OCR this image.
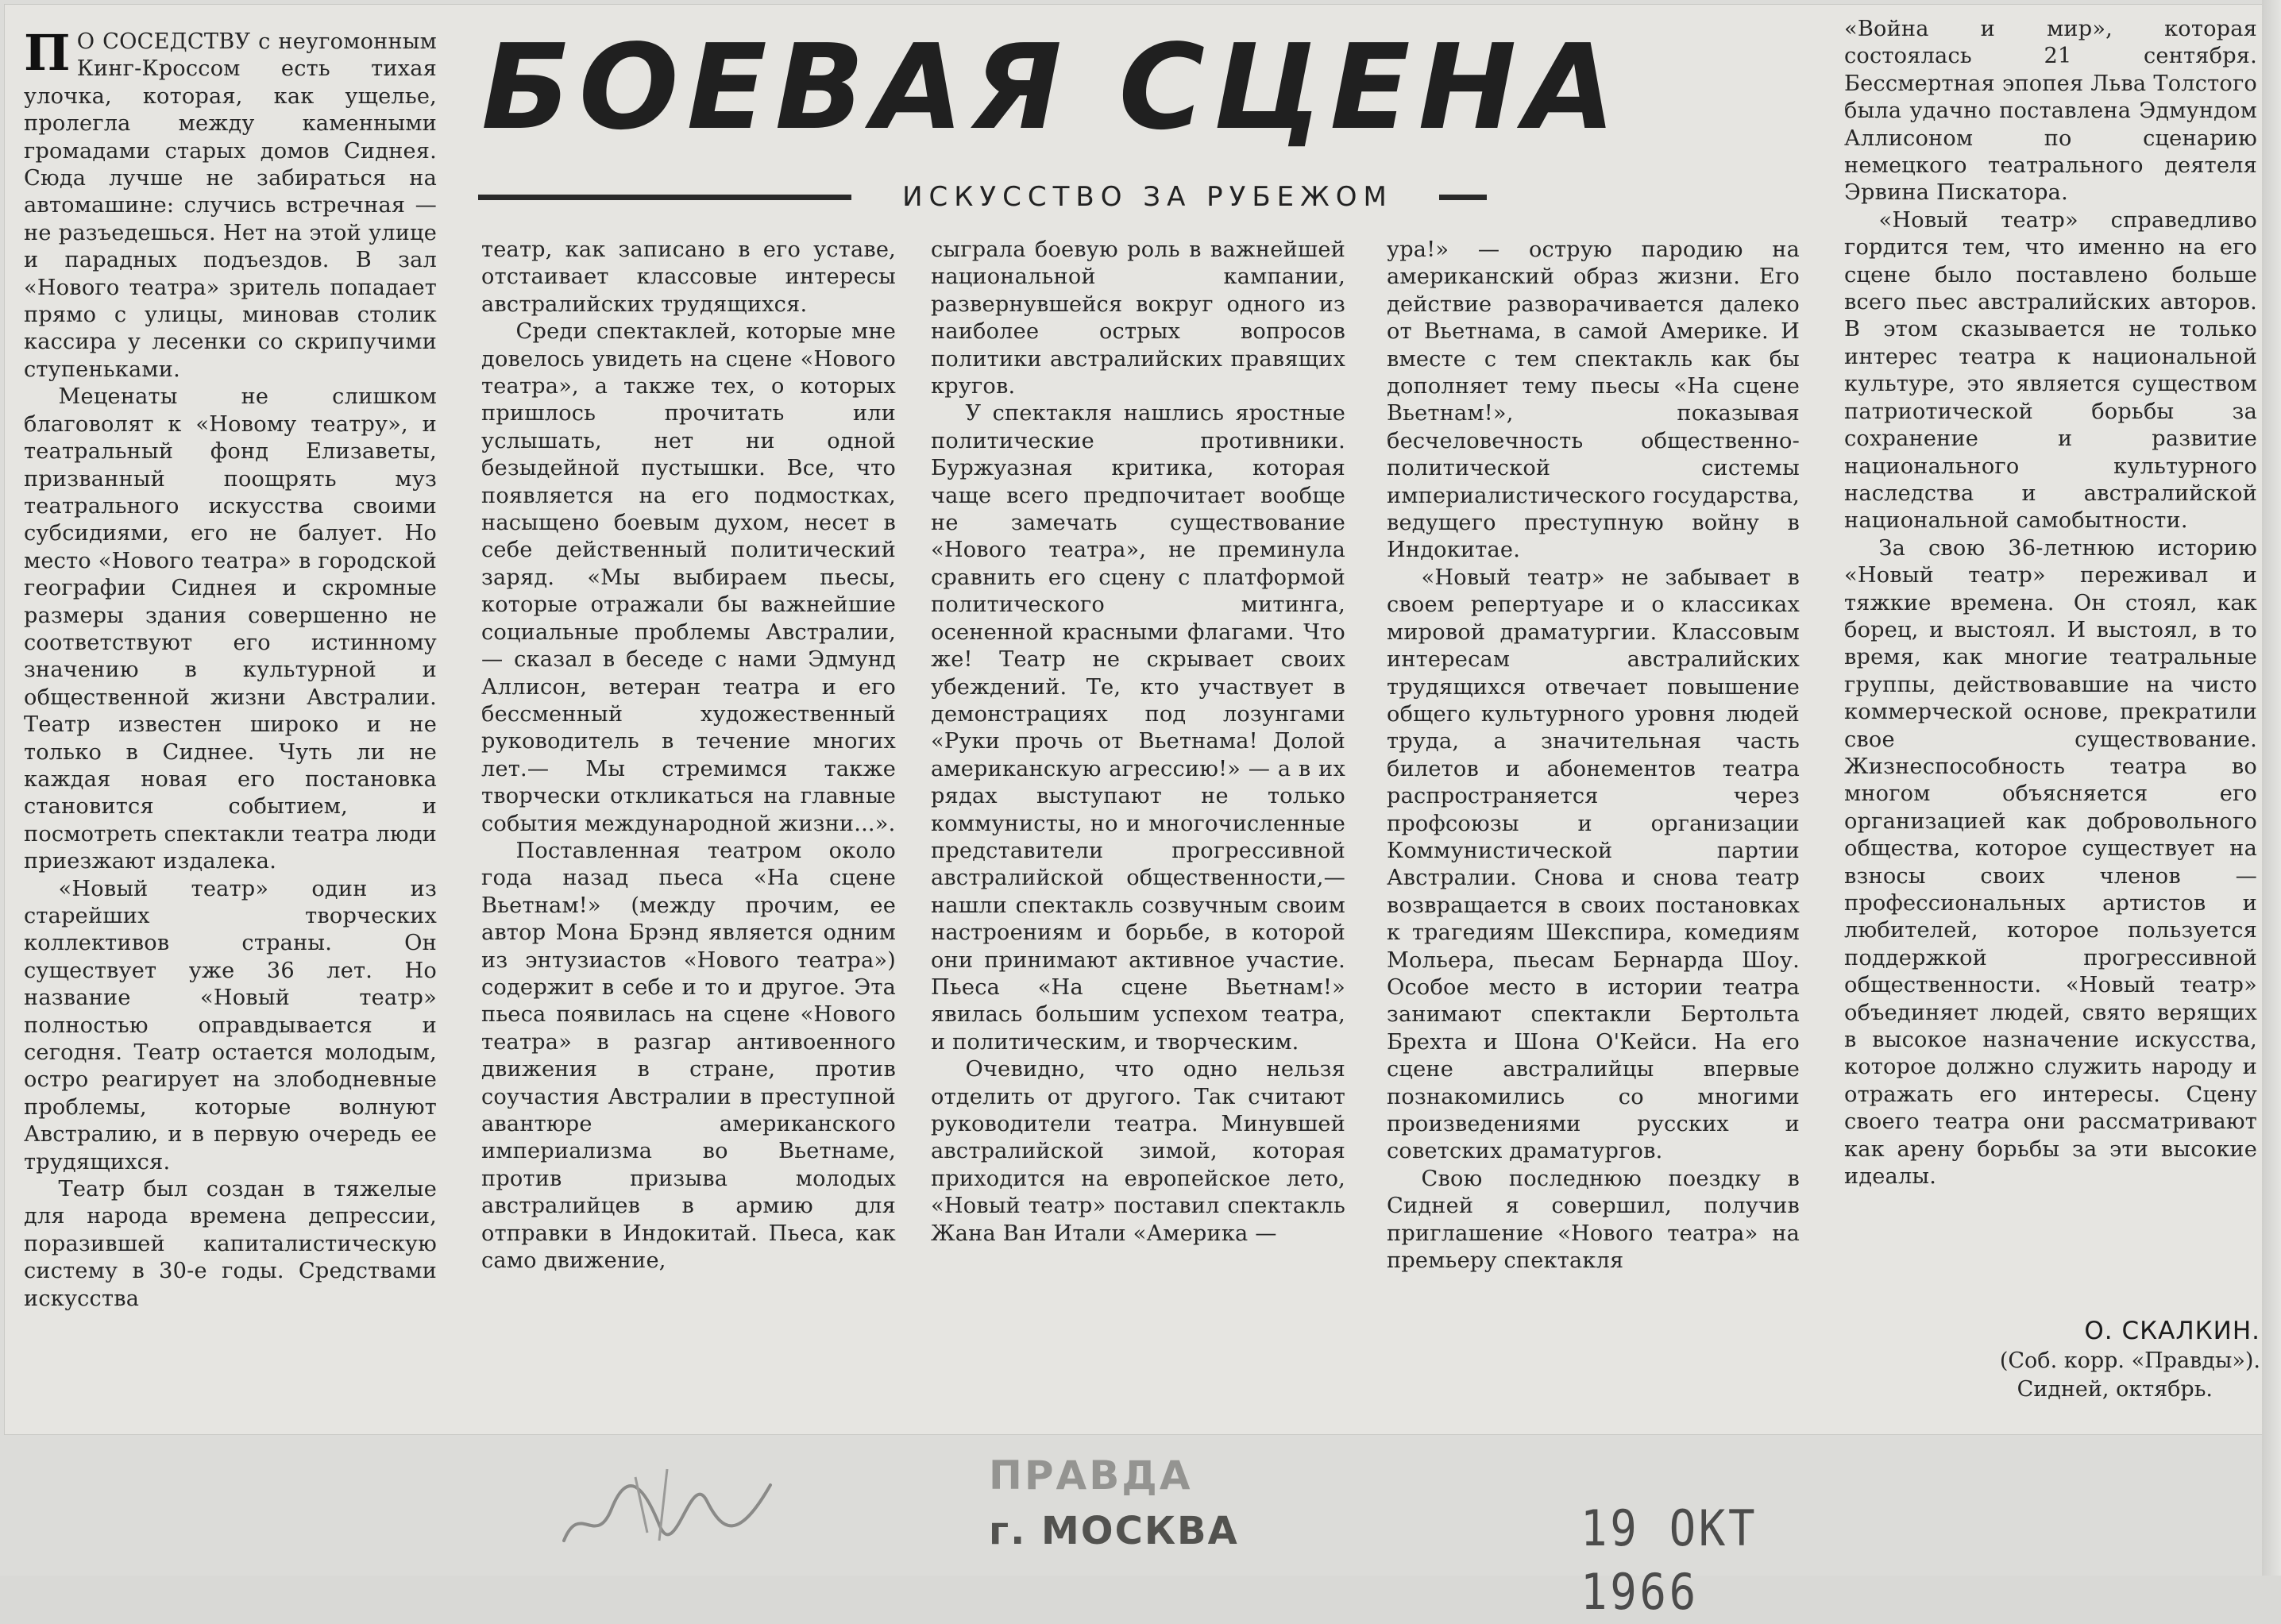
БОЕВАЯ СЦЕНА
ИСКУССТВО ЗА РУБЕЖОМ

П О СОСЕДСТВУ с неугомонным Кинг-Кроссом есть тихая улочка, которая, как ущелье, пролегла между каменными громадами старых домов Сиднея. Сюда лучше не забираться на автомашине: случись встречная — не разъедешься. Нет на этой улице и парадных подъездов. В зал «Нового театра» зритель попадает прямо с улицы, миновав столик кассира у лесенки со скрипучими ступеньками.

Меценаты не слишком благоволят к «Новому театру», и театральный фонд Елизаветы, призванный поощрять муз театрального искусства своими субсидиями, его не балует. Но место «Нового театра» в городской географии Сиднея и скромные размеры здания совершенно не соответствуют его истинному значению в культурной и общественной жизни Австралии. Театр известен широко и не только в Сиднее. Чуть ли не каждая новая его постановка становится событием, и посмотреть спектакли театра люди приезжают издалека.

«Новый театр» один из старейших творческих коллективов страны. Он существует уже 36 лет. Но название «Новый театр» полностью оправдывается и сегодня. Театр остается молодым, остро реагирует на злободневные проблемы, которые волнуют Австралию, и в первую очередь ее трудящихся.

Театр был создан в тяжелые для народа времена депрессии, поразившей капиталистическую систему в 30-е годы. Средствами искусства

театр, как записано в его уставе, отстаивает классовые интересы австралийских трудящихся.

Среди спектаклей, которые мне довелось увидеть на сцене «Нового театра», а также тех, о которых пришлось прочитать или услышать, нет ни одной безыдейной пустышки. Все, что появляется на его подмостках, насыщено боевым духом, несет в себе действенный политический заряд. «Мы выбираем пьесы, которые отражали бы важнейшие социальные проблемы Австралии,— сказал в беседе с нами Эдмунд Аллисон, ветеран театра и его бессменный художественный руководитель в течение многих лет.— Мы стремимся также творчески откликаться на главные события международной жизни...».

Поставленная театром около года назад пьеса «На сцене Вьетнам!» (между прочим, ее автор Мона Брэнд является одним из энтузиастов «Нового театра») содержит в себе и то и другое. Эта пьеса появилась на сцене «Нового театра» в разгар антивоенного движения в стране, против соучастия Австралии в преступной авантюре американского империализма во Вьетнаме, против призыва молодых австралийцев в армию для отправки в Индокитай. Пьеса, как само движение,

сыграла боевую роль в важнейшей национальной кампании, развернувшейся вокруг одного из наиболее острых вопросов политики австралийских правящих кругов.

У спектакля нашлись яростные политические противники. Буржуазная критика, которая чаще всего предпочитает вообще не замечать существование «Нового театра», не преминула сравнить его сцену с платформой политического митинга, осененной красными флагами. Что же! Театр не скрывает своих убеждений. Те, кто участвует в демонстрациях под лозунгами «Руки прочь от Вьетнама! Долой американскую агрессию!» — а в их рядах выступают не только коммунисты, но и многочисленные представители прогрессивной австралийской общественности,— нашли спектакль созвучным своим настроениям и борьбе, в которой они принимают активное участие. Пьеса «На сцене Вьетнам!» явилась большим успехом театра, и политическим, и творческим.

Очевидно, что одно нельзя отделить от другого. Так считают руководители театра. Минувшей австралийской зимой, которая приходится на европейское лето, «Новый театр» поставил спектакль Жана Ван Итали «Америка —

ура!» — острую пародию на американский образ жизни. Его действие разворачивается далеко от Вьетнама, в самой Америке. И вместе с тем спектакль как бы дополняет тему пьесы «На сцене Вьетнам!», показывая бесчеловечность общественно-политической системы империалистического государства, ведущего преступную войну в Индокитае.

«Новый театр» не забывает в своем репертуаре и о классиках мировой драматургии. Классовым интересам австралийских трудящихся отвечает повышение общего культурного уровня людей труда, а значительная часть билетов и абонементов театра распространяется через профсоюзы и организации Коммунистической партии Австралии. Снова и снова театр возвращается в своих постановках к трагедиям Шекспира, комедиям Мольера, пьесам Бернарда Шоу. Особое место в истории театра занимают спектакли Бертольта Брехта и Шона О'Кейси. На его сцене австралийцы впервые познакомились со многими произведениями русских и советских драматургов.

Свою последнюю поездку в Сидней я совершил, получив приглашение «Нового театра» на премьеру спектакля

«Война и мир», которая состоялась 21 сентября. Бессмертная эпопея Льва Толстого была удачно поставлена Эдмундом Аллисоном по сценарию немецкого театрального деятеля Эрвина Пискатора.

«Новый театр» справедливо гордится тем, что именно на его сцене было поставлено больше всего пьес австралийских авторов. В этом сказывается не только интерес театра к национальной культуре, это является существом патриотической борьбы за сохранение и развитие национального культурного наследства и австралийской национальной самобытности.

За свою 36-летнюю историю «Новый театр» переживал и тяжкие времена. Он стоял, как борец, и выстоял. И выстоял, в то время, как многие театральные группы, действовавшие на чисто коммерческой основе, прекратили свое существование. Жизнеспособность театра во многом объясняется его организацией как добровольного общества, которое существует на взносы своих членов — профессиональных артистов и любителей, которое пользуется поддержкой прогрессивной общественности. «Новый театр» объединяет людей, свято верящих в высокое назначение искусства, которое должно служить народу и отражать его интересы. Сцену своего театра они рассматривают как арену борьбы за эти высокие идеалы.

О. СКАЛКИН.
(Соб. корр. «Правды»).
Сидней, октябрь.
ПРАВДА
г. МОСКВА	19 ОКТ 1966
